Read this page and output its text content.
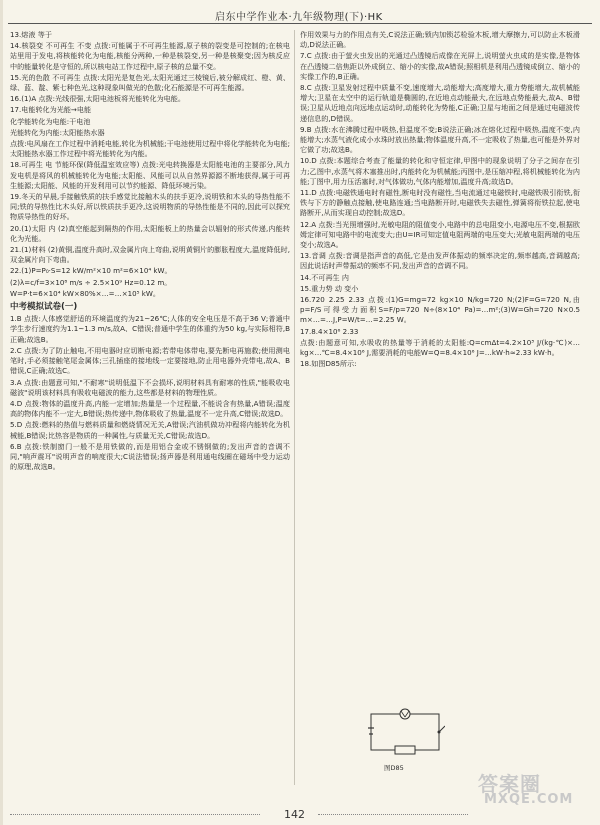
启东中学作业本·九年级物理(下)·HK

13.熔液 等于

14.核裂变 不可再生 不变 点拨:可能属于不可再生能源,原子核的裂变是可控制的;在核电站里用于发电,将核能转化为电能,核能分两种,一种是核裂变,另一种是核聚变;因为核反应中的能量转化是守恒的,所以核电站工作过程中,原子核的总量不变。

15.光的色散 不可再生 点拨:太阳光是复色光,太阳光通过三棱镜后,被分解成红、橙、黄、绿、蓝、靛、紫七种色光,这种现象叫做光的色散;化石能源是不可再生能源。

16.(1)A 点拨:光线很强,太阳电池板将光能转化为电能。

17.电能转化为光能→电能

化学能转化为电能:干电池

光能转化为内能:太阳能热水器

点拨:电风扇在工作过程中消耗电能,转化为机械能;干电池使用过程中将化学能转化为电能;太阳能热水器工作过程中将光能转化为内能。

18.可再生 电 节能环保(降低温室效应等) 点拨:光电转换器是太阳能电池的主要部分,风力发电机是将风的机械能转化为电能;太阳能、风能可以从自然界源源不断地获得,属于可再生能源;太阳能、风能的开发利用可以节约能源、降低环境污染。

19.冬天的早晨,手接触铁质的扶手感觉比接触木头的扶手更冷,说明铁和木头的导热性能不同;铁的导热性比木头好,所以铁质扶手更冷,这说明物质的导热性能是不同的,因此可以探究物质导热性的好坏。

20.(1)太阳 内 (2)真空能起到隔热的作用,太阳能板上的热量会以辐射的形式传递,内能转化为光能。

21.(1)材料 (2)黄铜,温度升高时,双金属片向上弯曲,说明黄铜片的膨胀程度大,温度降低时,双金属片向下弯曲。

22.(1)P=P₀·S=12 kW/m²×10 m²=6×10⁴ kW。

(2)λ=c/f=3×10⁸ m/s ÷ 2.5×10⁹ Hz=0.12 m。

W=P·t=6×10⁴ kW×80%×…=…×10⁵ kW。

中考模拟试卷(一)

1.B 点拨:人体感觉舒适的环境温度约为21~26℃;人体的安全电压是不高于36 V;普通中学生步行速度约为1.1~1.3 m/s,故A、C错误;普通中学生的体重约为50 kg,与实际相符,B正确;故选B。

2.C 点拨:为了防止触电,不用电器时应切断电源;若带电体带电,要先断电再施救;使用测电笔时,手必须接触笔尾金属体;三孔插座的接地线一定要接地,防止用电器外壳带电,故A、B错误,C正确;故选C。

3.A 点拨:由题意可知,"不耐寒"说明低温下不会损坏,说明材料具有耐寒的性质,"能吸收电磁波"说明该材料具有吸收电磁波的能力,这些都是材料的物理性质。

4.D 点拨:物体的温度升高,内能一定增加;热量是一个过程量,不能说含有热量,A错误;温度高的物体内能不一定大,B错误;热传递中,物体吸收了热量,温度不一定升高,C错误;故选D。

5.D 点拨:燃料的热值与燃料质量和燃烧情况无关,A错误;汽油机做功冲程将内能转化为机械能,B错误;比热容是物质的一种属性,与质量无关,C错误;故选D。

6.B 点拨:铁制窗门一般不是用铁做的,而是用铝合金或不锈钢做的;发出声音的音调不同,"响声震耳"说明声音的响度很大;C说法错误;扬声器是利用通电线圈在磁场中受力运动的原理,故选B。

作用效果与力的作用点有关,C说法正确;锁内加锁芯检验木板,增大摩擦力,可以防止木板滑动,D说法正确。

7.C 点拨:由于萤火虫发出的光通过凸透镜后成像在光屏上,说明萤火虫成的是实像,是物体在凸透镜二倍焦距以外成倒立、缩小的实像,故A错误;照相机是利用凸透镜成倒立、缩小的实像工作的,B正确。

8.C 点拨:卫星发射过程中质量不变,速度增大,动能增大;高度增大,重力势能增大,故机械能增大;卫星在太空中的运行轨道是椭圆的,在近地点动能最大,在远地点势能最大,故A、B错误;卫星从近地点向远地点运动时,动能转化为势能,C正确;卫星与地面之间是通过电磁波传递信息的,D错误。

9.B 点拨:水在沸腾过程中吸热,但温度不变;B说法正确;冰在熔化过程中吸热,温度不变,内能增大;水蒸气液化成小水珠时放出热量;物体温度升高,不一定吸收了热量,也可能是外界对它做了功;故选B。

10.D 点拨:本题综合考查了能量的转化和守恒定律,甲图中的现象说明了分子之间存在引力;乙图中,水蒸气将木塞推出时,内能转化为机械能;丙图中,是压缩冲程,将机械能转化为内能;丁图中,用力压活塞时,对气体做功,气体内能增加,温度升高;故选D。

11.D 点拨:电磁铁通电时有磁性,断电时没有磁性,当电流通过电磁铁时,电磁铁吸引衔铁,衔铁与下方的静触点接触,使电路连通;当电路断开时,电磁铁失去磁性,弹簧将衔铁拉起,使电路断开,从而实现自动控制;故选D。

12.A 点拨:当光照增强时,光敏电阻的阻值变小,电路中的总电阻变小,电源电压不变,根据欧姆定律可知电路中的电流变大;由U=IR可知定值电阻两端的电压变大;光敏电阻两端的电压变小;故选A。

13.音调 点拨:音调是指声音的高低,它是由发声体振动的频率决定的,频率越高,音调越高;因此说话时声带振动的频率不同,发出声音的音调不同。

14.不可再生 内

15.重力势 动 变小

16.720 2.25 2.33 点拨:(1)G=mg=72 kg×10 N/kg=720 N;(2)F=G=720 N,由p=F/S可得受力面积S=F/p=720 N÷(8×10⁴ Pa)=…m²;(3)W=Gh=720 N×0.5 m×…=…J,P=W/t=…=2.25 W。

17.8.4×10⁶ 2.33

点拨:由题意可知,水吸收的热量等于消耗的太阳能:Q=cmΔt=4.2×10³ J/(kg·℃)×…kg×…℃=8.4×10⁶ J,需要消耗的电能W=Q=8.4×10⁶ J=…kW·h≈2.33 kW·h。

18.如图D85所示:

图D85
142
答案圈
MXQE.COM
